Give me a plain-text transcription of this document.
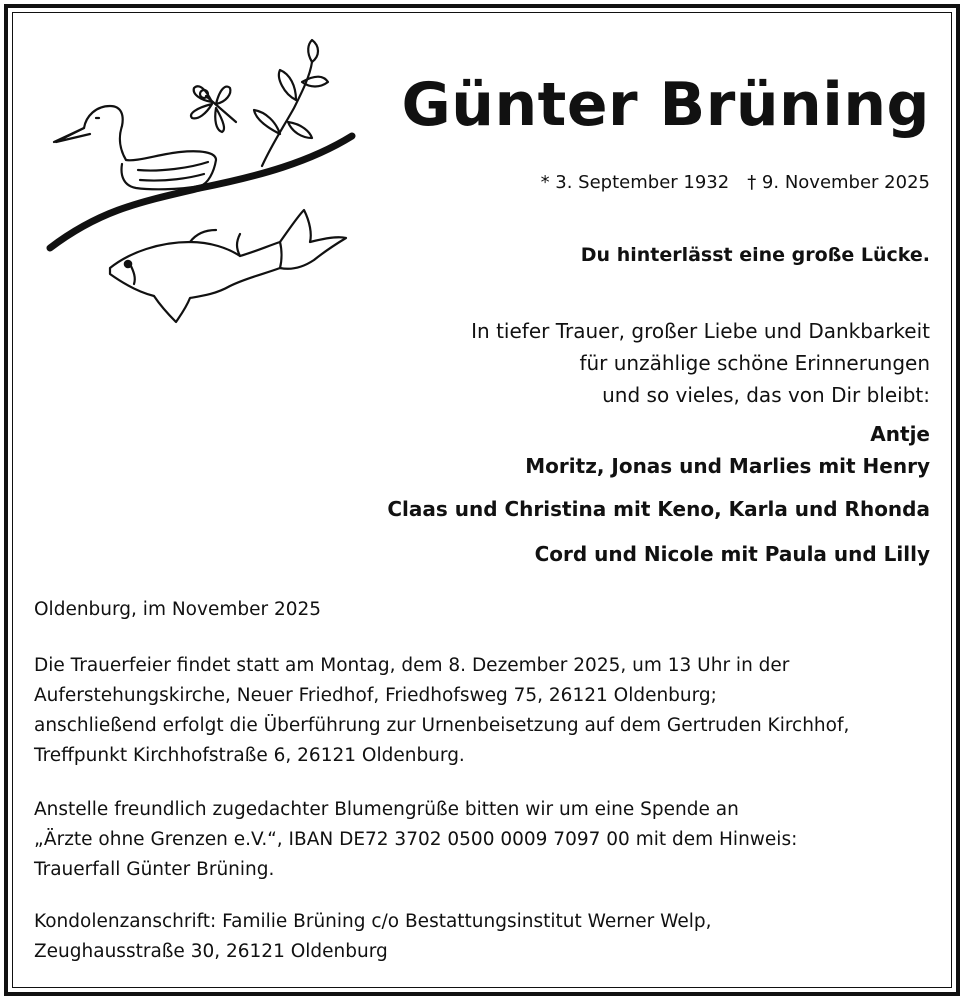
Günter Brüning
* 3. September 1932 † 9. November 2025
Du hinterlässt eine große Lücke.
In tiefer Trauer, großer Liebe und Dankbarkeit
für unzählige schöne Erinnerungen
und so vieles, das von Dir bleibt:
Antje
Moritz, Jonas und Marlies mit Henry
Claas und Christina mit Keno, Karla und Rhonda
Cord und Nicole mit Paula und Lilly
Oldenburg, im November 2025
Die Trauerfeier findet statt am Montag, dem 8. Dezember 2025, um 13 Uhr in der
Auferstehungskirche, Neuer Friedhof, Friedhofsweg 75, 26121 Oldenburg;
anschließend erfolgt die Überführung zur Urnenbeisetzung auf dem Gertruden Kirchhof,
Treffpunkt Kirchhofstraße 6, 26121 Oldenburg.
Anstelle freundlich zugedachter Blumengrüße bitten wir um eine Spende an
„Ärzte ohne Grenzen e.V.“, IBAN DE72 3702 0500 0009 7097 00 mit dem Hinweis:
Trauerfall Günter Brüning.
Kondolenzanschrift: Familie Brüning c/o Bestattungsinstitut Werner Welp,
Zeughausstraße 30, 26121 Oldenburg
